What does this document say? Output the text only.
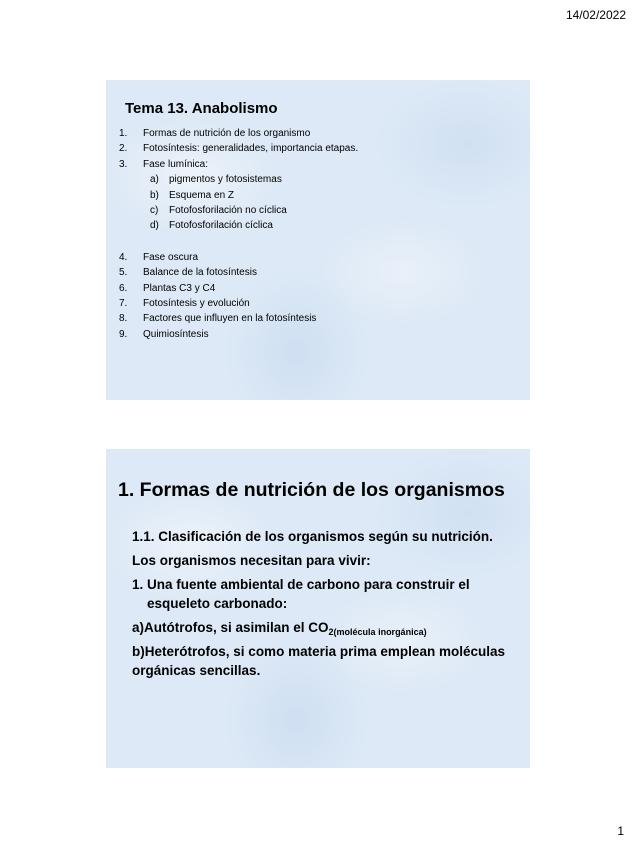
14/02/2022
Tema 13. Anabolismo
1.	Formas de nutrición de los organismo
2.	Fotosíntesis: generalidades, importancia etapas.
3.	Fase lumínica:
a)	pigmentos y fotosistemas
b)	Esquema en Z
c)	Fotofosforilación no cíclica
d)	Fotofosforilación cíclica
4.	Fase oscura
5.	Balance de la fotosíntesis
6.	Plantas C3 y C4
7.	Fotosíntesis y evolución
8.	Factores que influyen en la fotosíntesis
9.	Quimiosíntesis
1. Formas de nutrición de los organismos

1.1. Clasificación de los organismos según su nutrición.

Los organismos necesitan para vivir:

1. Una fuente ambiental de carbono para construir el esqueleto carbonado:

a)Autótrofos, si asimilan el $CO_{2(molécula inorgánica)}$

b)Heterótrofos, si como materia prima emplean moléculas orgánicas sencillas.

1
